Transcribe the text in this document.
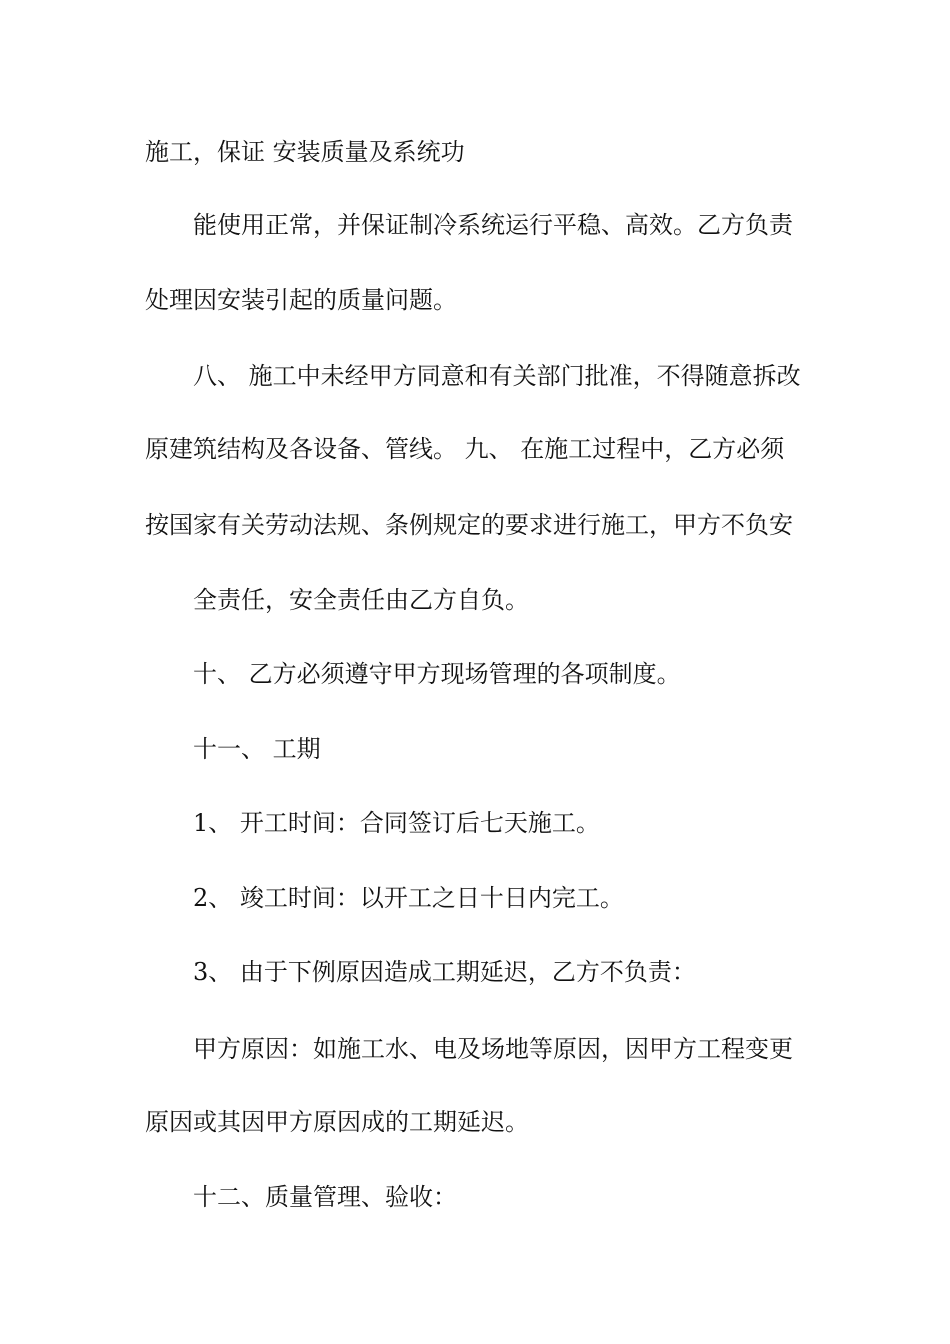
施工，保证 安装质量及系统功
能使用正常，并保证制冷系统运行平稳、高效。乙方负责
处理因安装引起的质量问题。
八、 施工中未经甲方同意和有关部门批准，不得随意拆改
原建筑结构及各设备、管线。 九、 在施工过程中，乙方必须
按国家有关劳动法规、条例规定的要求进行施工，甲方不负安
全责任，安全责任由乙方自负。
十、 乙方必须遵守甲方现场管理的各项制度。
十一、 工期
1、 开工时间：合同签订后七天施工。
2、 竣工时间：以开工之日十日内完工。
3、 由于下例原因造成工期延迟，乙方不负责：
甲方原因：如施工水、电及场地等原因，因甲方工程变更
原因或其因甲方原因成的工期延迟。
十二、质量管理、验收：
